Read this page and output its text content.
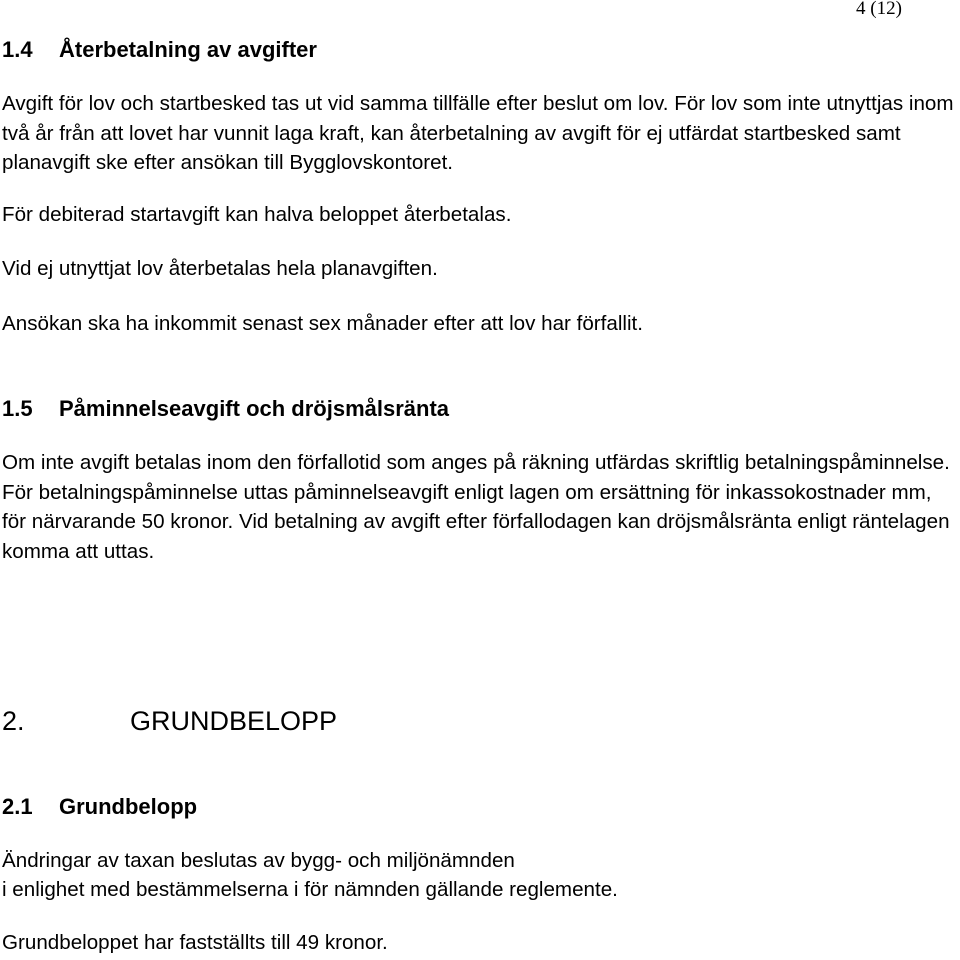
4 (12)
1.4 Återbetalning av avgifter
Avgift för lov och startbesked tas ut vid samma tillfälle efter beslut om lov. För lov som inte utnyttjas inom två år från att lovet har vunnit laga kraft, kan återbetalning av avgift för ej utfärdat startbesked samt planavgift ske efter ansökan till Bygglovskontoret.
För debiterad startavgift kan halva beloppet återbetalas.
Vid ej utnyttjat lov återbetalas hela planavgiften.
Ansökan ska ha inkommit senast sex månader efter att lov har förfallit.
1.5 Påminnelseavgift och dröjsmålsränta
Om inte avgift betalas inom den förfallotid som anges på räkning utfärdas skriftlig betalningspåminnelse. För betalningspåminnelse uttas påminnelseavgift enligt lagen om ersättning för inkassokostnader mm, för närvarande 50 kronor. Vid betalning av avgift efter förfallodagen kan dröjsmålsränta enligt räntelagen komma att uttas.
2.	GRUNDBELOPP
2.1 Grundbelopp
Ändringar av taxan beslutas av bygg- och miljönämnden
i enlighet med bestämmelserna i för nämnden gällande reglemente.
Grundbeloppet har fastställts till 49 kronor.
